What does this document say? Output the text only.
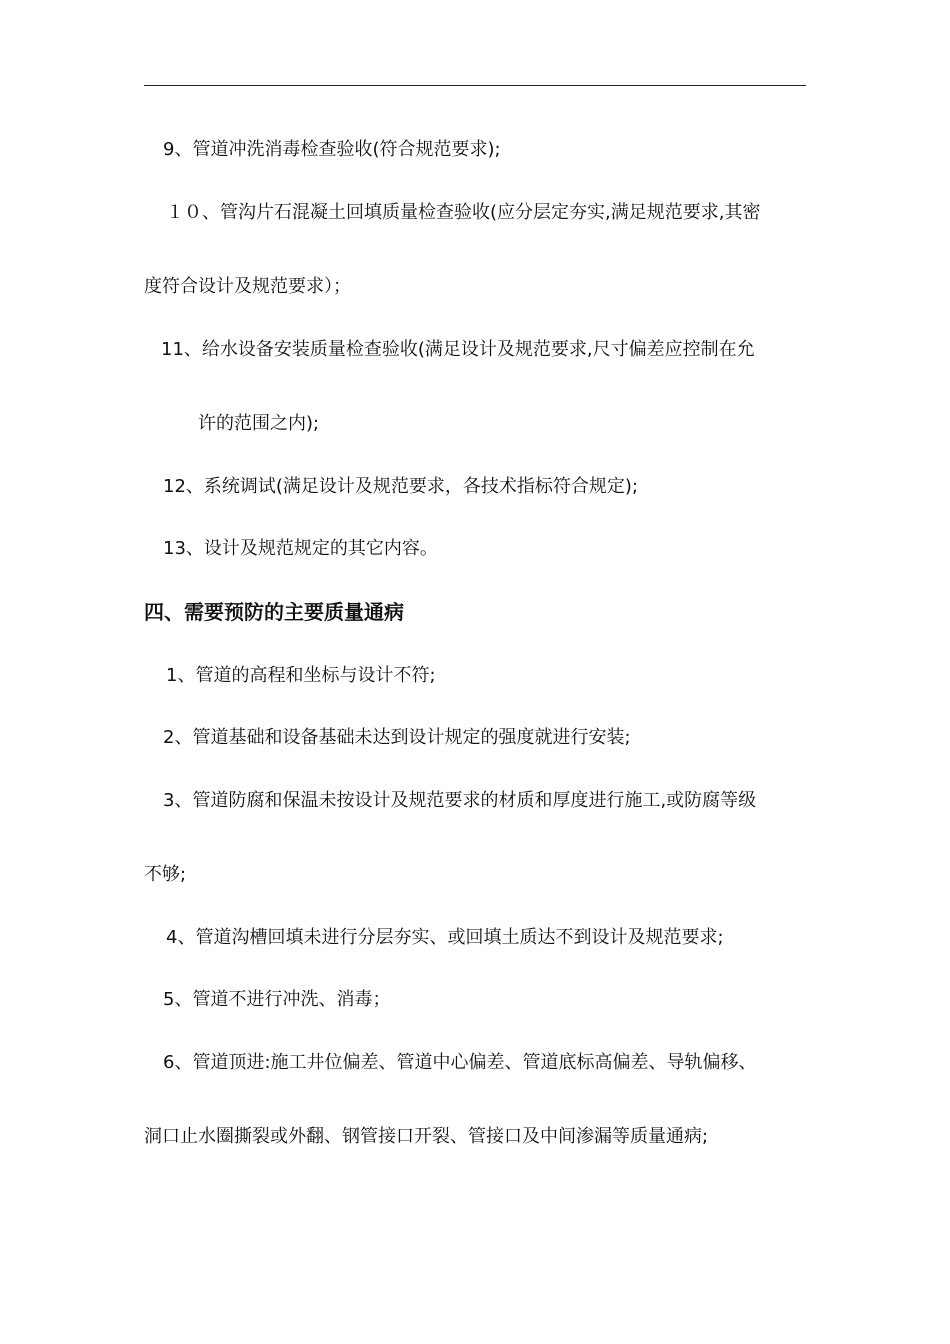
9、管道冲洗消毒检查验收(符合规范要求);
１０、管沟片石混凝土回填质量检查验收(应分层定夯实,满足规范要求,其密
度符合设计及规范要求）；
11、给水设备安装质量检查验收(满足设计及规范要求,尺寸偏差应控制在允
许的范围之内);
12、系统调试(满足设计及规范要求，各技术指标符合规定);
13、设计及规范规定的其它内容。
四、需要预防的主要质量通病
1、管道的高程和坐标与设计不符;
2、管道基础和设备基础未达到设计规定的强度就进行安装;
3、管道防腐和保温未按设计及规范要求的材质和厚度进行施工,或防腐等级
不够;
4、管道沟槽回填未进行分层夯实、或回填土质达不到设计及规范要求;
5、管道不进行冲洗、消毒；
6、管道顶进:施工井位偏差、管道中心偏差、管道底标高偏差、导轨偏移、
洞口止水圈撕裂或外翻、钢管接口开裂、管接口及中间渗漏等质量通病;
